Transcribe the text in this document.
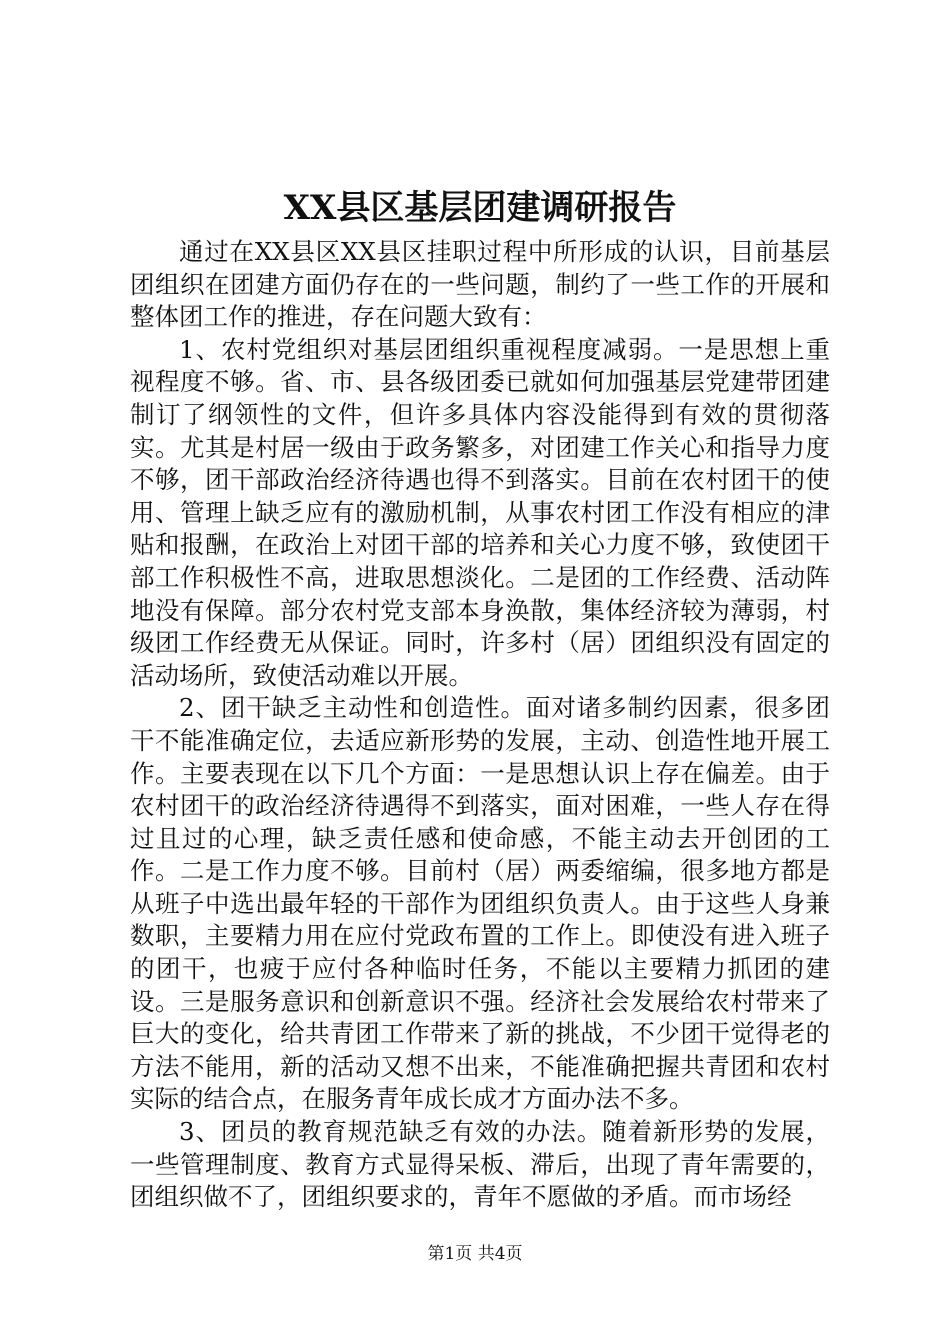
XX县区基层团建调研报告

通过在XX县区XX县区挂职过程中所形成的认识，目前基层团组织在团建方面仍存在的一些问题，制约了一些工作的开展和整体团工作的推进，存在问题大致有：

1、农村党组织对基层团组织重视程度减弱。一是思想上重视程度不够。省、市、县各级团委已就如何加强基层党建带团建制订了纲领性的文件，但许多具体内容没能得到有效的贯彻落实。尤其是村居一级由于政务繁多，对团建工作关心和指导力度不够，团干部政治经济待遇也得不到落实。目前在农村团干的使用、管理上缺乏应有的激励机制，从事农村团工作没有相应的津贴和报酬，在政治上对团干部的培养和关心力度不够，致使团干部工作积极性不高，进取思想淡化。二是团的工作经费、活动阵地没有保障。部分农村党支部本身涣散，集体经济较为薄弱，村级团工作经费无从保证。同时，许多村（居）团组织没有固定的活动场所，致使活动难以开展。

2、团干缺乏主动性和创造性。面对诸多制约因素，很多团干不能准确定位，去适应新形势的发展，主动、创造性地开展工作。主要表现在以下几个方面：一是思想认识上存在偏差。由于农村团干的政治经济待遇得不到落实，面对困难，一些人存在得过且过的心理，缺乏责任感和使命感，不能主动去开创团的工作。二是工作力度不够。目前村（居）两委缩编，很多地方都是从班子中选出最年轻的干部作为团组织负责人。由于这些人身兼数职，主要精力用在应付党政布置的工作上。即使没有进入班子的团干，也疲于应付各种临时任务，不能以主要精力抓团的建设。三是服务意识和创新意识不强。经济社会发展给农村带来了巨大的变化，给共青团工作带来了新的挑战，不少团干觉得老的方法不能用，新的活动又想不出来，不能准确把握共青团和农村实际的结合点，在服务青年成长成才方面办法不多。

3、团员的教育规范缺乏有效的办法。随着新形势的发展，一些管理制度、教育方式显得呆板、滞后，出现了青年需要的，团组织做不了，团组织要求的，青年不愿做的矛盾。而市场经

第1页 共4页
